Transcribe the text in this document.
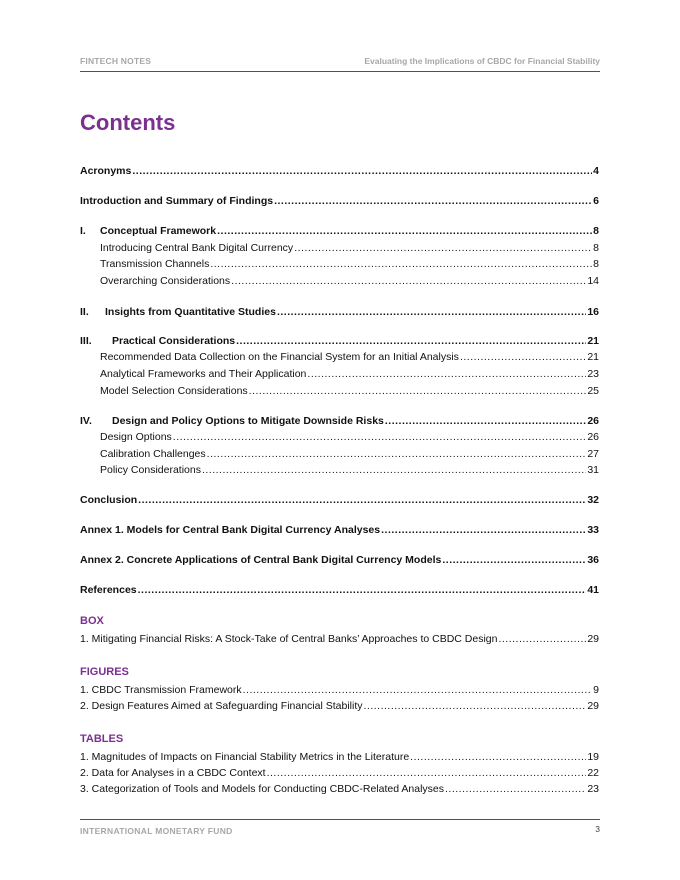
FINTECH NOTES	Evaluating the Implications of CBDC for Financial Stability
Contents
Acronyms .....	4
Introduction and Summary of Findings .....	6
I.	Conceptual Framework .....	8
Introducing Central Bank Digital Currency .....	8
Transmission Channels .....	8
Overarching Considerations .....	14
II.	Insights from Quantitative Studies .....	16
III.	Practical Considerations .....	21
Recommended Data Collection on the Financial System for an Initial Analysis .....	21
Analytical Frameworks and Their Application .....	23
Model Selection Considerations .....	25
IV.	Design and Policy Options to Mitigate Downside Risks .....	26
Design Options .....	26
Calibration Challenges .....	27
Policy Considerations .....	31
Conclusion .....	32
Annex 1. Models for Central Bank Digital Currency Analyses .....	33
Annex 2. Concrete Applications of Central Bank Digital Currency Models .....	36
References .....	41
BOX
1. Mitigating Financial Risks: A Stock-Take of Central Banks’ Approaches to CBDC Design .....	29
FIGURES
1. CBDC Transmission Framework .....	9
2. Design Features Aimed at Safeguarding Financial Stability .....	29
TABLES
1. Magnitudes of Impacts on Financial Stability Metrics in the Literature .....	19
2. Data for Analyses in a CBDC Context .....	22
3. Categorization of Tools and Models for Conducting CBDC-Related Analyses .....	23
INTERNATIONAL MONETARY FUND	3
